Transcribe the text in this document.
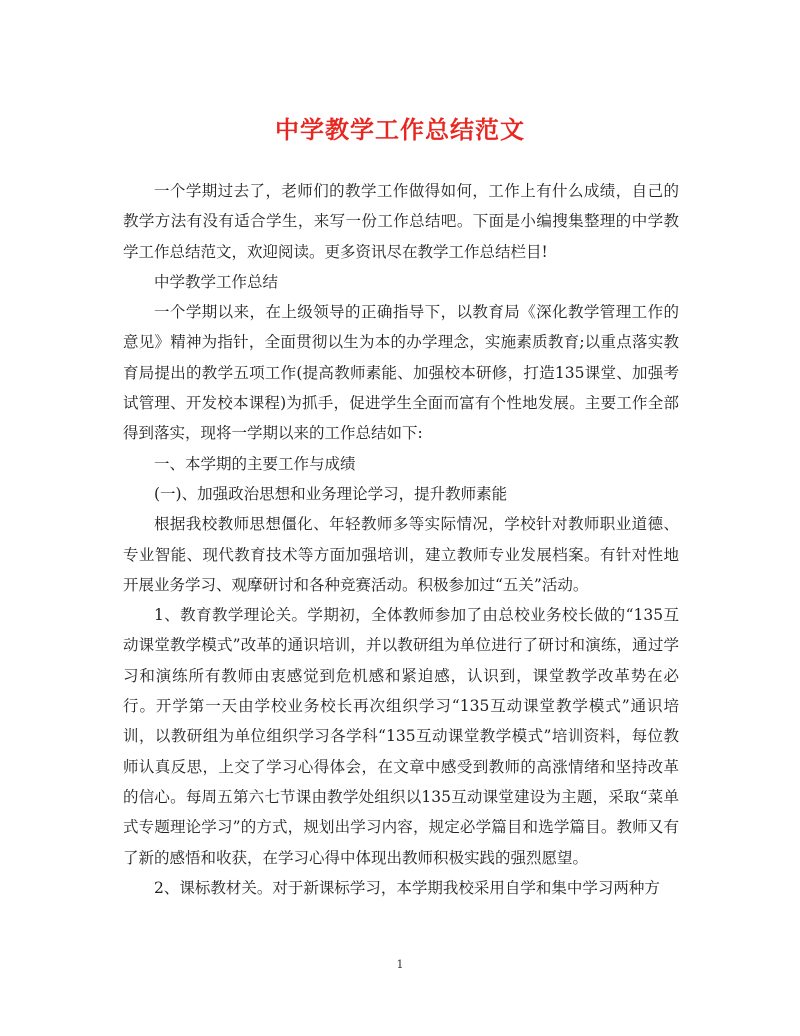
中学教学工作总结范文

一个学期过去了，老师们的教学工作做得如何，工作上有什么成绩，自己的教学方法有没有适合学生，来写一份工作总结吧。下面是小编搜集整理的中学教学工作总结范文，欢迎阅读。更多资讯尽在教学工作总结栏目!

中学教学工作总结

一个学期以来，在上级领导的正确指导下，以教育局《深化教学管理工作的意见》精神为指针，全面贯彻以生为本的办学理念，实施素质教育;以重点落实教育局提出的教学五项工作(提高教师素能、加强校本研修，打造135课堂、加强考试管理、开发校本课程)为抓手，促进学生全面而富有个性地发展。主要工作全部得到落实，现将一学期以来的工作总结如下:

一、本学期的主要工作与成绩

(一)、加强政治思想和业务理论学习，提升教师素能

根据我校教师思想僵化、年轻教师多等实际情况，学校针对教师职业道德、专业智能、现代教育技术等方面加强培训，建立教师专业发展档案。有针对性地开展业务学习、观摩研讨和各种竞赛活动。积极参加过“五关”活动。

1、教育教学理论关。学期初，全体教师参加了由总校业务校长做的“135互动课堂教学模式”改革的通识培训，并以教研组为单位进行了研讨和演练，通过学习和演练所有教师由衷感觉到危机感和紧迫感，认识到，课堂教学改革势在必行。开学第一天由学校业务校长再次组织学习“135互动课堂教学模式”通识培训，以教研组为单位组织学习各学科“135互动课堂教学模式”培训资料，每位教师认真反思，上交了学习心得体会，在文章中感受到教师的高涨情绪和坚持改革的信心。每周五第六七节课由教学处组织以135互动课堂建设为主题，采取“菜单式专题理论学习”的方式，规划出学习内容，规定必学篇目和选学篇目。教师又有了新的感悟和收获，在学习心得中体现出教师积极实践的强烈愿望。

2、课标教材关。对于新课标学习，本学期我校采用自学和集中学习两种方

1
